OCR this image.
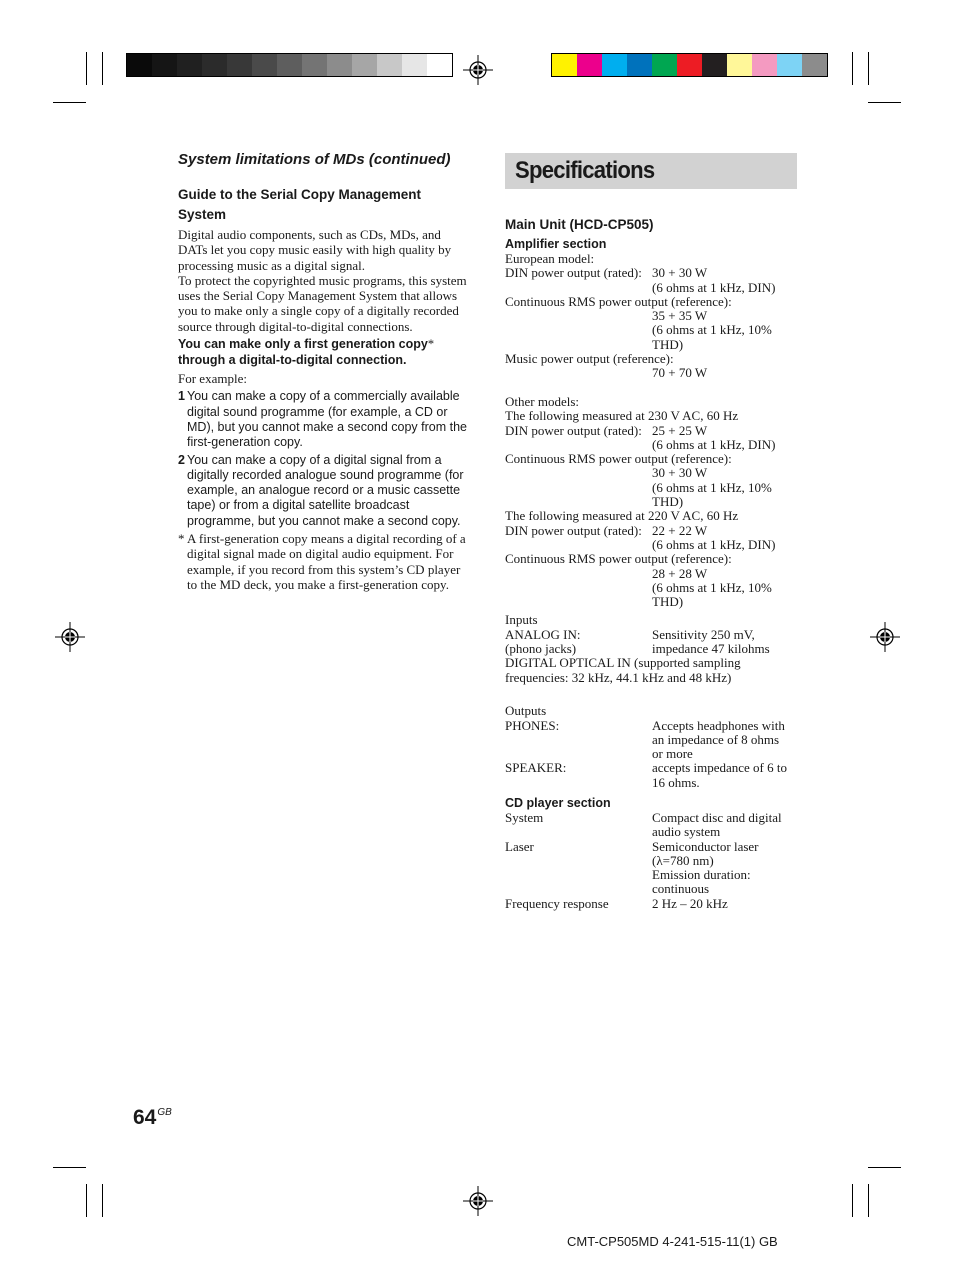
System limitations of MDs (continued)
Guide to the Serial Copy Management System
Digital audio components, such as CDs, MDs, and DATs let you copy music easily with high quality by processing music as a digital signal.
To protect the copyrighted music programs, this system uses the Serial Copy Management System that allows you to make only a single copy of a digitally recorded source through digital-to-digital connections.
You can make only a first generation copy* through a digital-to-digital connection.
For example:
1 You can make a copy of a commercially available digital sound programme (for example, a CD or MD), but you cannot make a second copy from the first-generation copy.
2 You can make a copy of a digital signal from a digitally recorded analogue sound programme (for example, an analogue record or a music cassette tape) or from a digital satellite broadcast programme, but you cannot make a second copy.
* A first-generation copy means a digital recording of a digital signal made on digital audio equipment. For example, if you record from this system’s CD player to the MD deck, you make a first-generation copy.
Specifications
Main Unit (HCD-CP505)
Amplifier section
European model:
DIN power output (rated): 30 + 30 W
(6 ohms at 1 kHz, DIN)
Continuous RMS power output (reference):
35 + 35 W
(6 ohms at 1 kHz, 10%
THD)
Music power output (reference):
70 + 70 W
Other models:
The following measured at 230 V AC, 60 Hz
DIN power output (rated): 25 + 25 W
(6 ohms at 1 kHz, DIN)
Continuous RMS power output (reference):
30 + 30 W
(6 ohms at 1 kHz, 10%
THD)
The following measured at 220 V AC, 60 Hz
DIN power output (rated): 22 + 22 W
(6 ohms at 1 kHz, DIN)
Continuous RMS power output (reference):
28 + 28 W
(6 ohms at 1 kHz, 10%
THD)
Inputs
ANALOG IN:	Sensitivity 250 mV,
(phono jacks)	impedance 47 kilohms
DIGITAL OPTICAL IN (supported sampling
frequencies: 32 kHz, 44.1 kHz and 48 kHz)
Outputs
PHONES:	Accepts headphones with
an impedance of 8 ohms
or more
SPEAKER:	accepts impedance of 6 to
16 ohms.
CD player section
System	Compact disc and digital
audio system
Laser	Semiconductor laser
(λ=780 nm)
Emission duration:
continuous
Frequency response	2 Hz – 20 kHz
$64^{GB}$
CMT-CP505MD 4-241-515-11(1) GB
